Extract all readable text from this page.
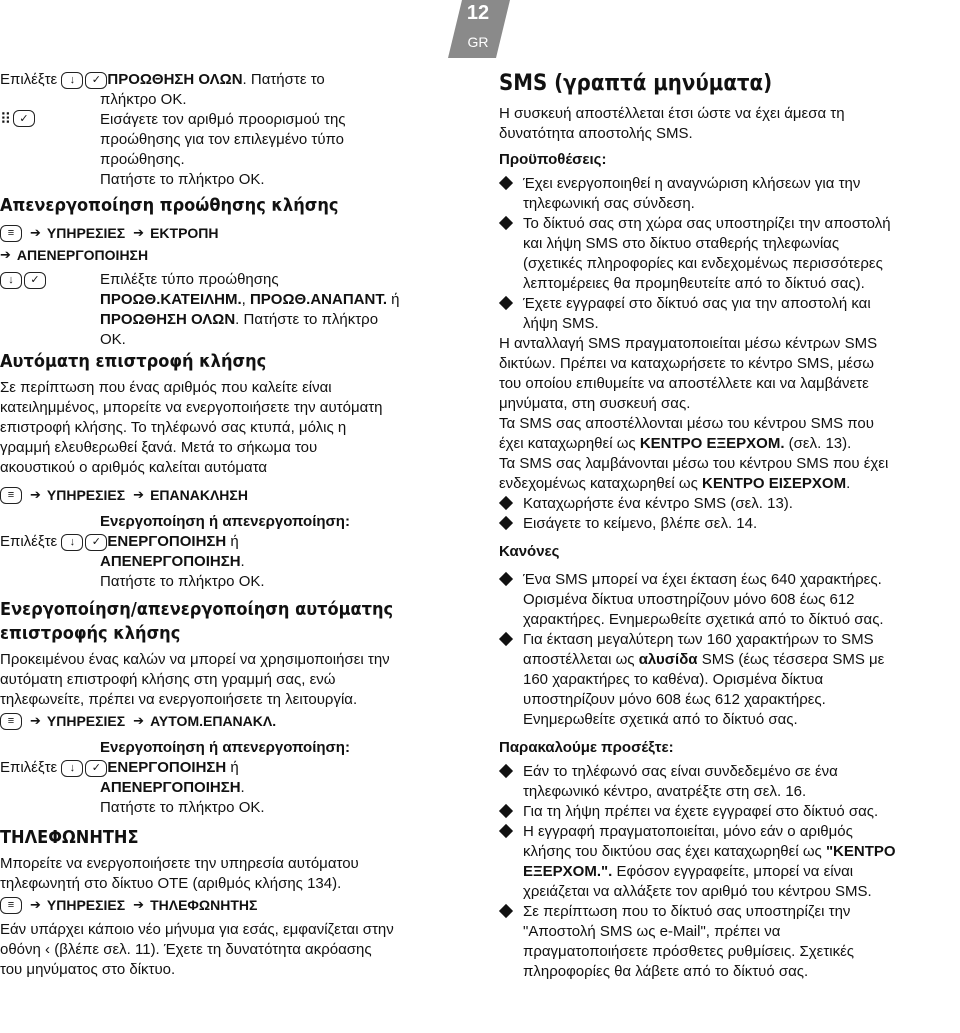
12
GR

Επιλέξτε	↓	✓ ΠΡΟΩΘΗΣΗ ΟΛΩΝ. Πατήστε το

πλήκτρο OK.
⠿ ✓	Εισάγετε τον αριθμό προορισμού της
προώθησης για τον επιλεγμένο τύπο
προώθησης.
Πατήστε το πλήκτρο OK.
Απενεργοποίηση προώθησης κλήσης
≡	➔ ΥΠΗΡΕΣΙΕΣ ➔ ΕΚΤΡΟΠΗ
➔ ΑΠΕΝΕΡΓΟΠΟΙΗΣΗ
↓	✓	Επιλέξτε τύπο προώθησης
ΠΡΟΩΘ.ΚΑΤΕΙΛΗΜ., ΠΡΟΩΘ.ΑΝΑΠΑΝΤ. ή
ΠΡΟΩΘΗΣΗ ΟΛΩΝ. Πατήστε το πλήκτρο
OK.
Αυτόματη επιστροφή κλήσης

Σε περίπτωση που ένας αριθμός που καλείτε είναι
κατειλημμένος, μπορείτε να ενεργοποιήσετε την αυτόματη
επιστροφή κλήσης. Το τηλέφωνό σας κτυπά, μόλις η
γραμμή ελευθερωθεί ξανά. Μετά το σήκωμα του
ακουστικού ο αριθμός καλείται αυτόματα

≡	➔ ΥΠΗΡΕΣΙΕΣ ➔ ΕΠΑΝΑΚΛΗΣΗ
Ενεργοποίηση ή απενεργοποίηση:

Επιλέξτε	↓	✓ ΕΝΕΡΓΟΠΟΙΗΣΗ ή

ΑΠΕΝΕΡΓΟΠΟΙΗΣΗ.
Πατήστε το πλήκτρο OK.
Ενεργοποίηση/απενεργοποίηση αυτόματης
επιστροφής κλήσης

Προκειμένου ένας καλών να μπορεί να χρησιμοποιήσει την
αυτόματη επιστροφή κλήσης στη γραμμή σας, ενώ
τηλεφωνείτε, πρέπει να ενεργοποιήσετε τη λειτουργία.

≡	➔ ΥΠΗΡΕΣΙΕΣ ➔ ΑΥΤΟΜ.ΕΠΑΝΑΚΛ.
Ενεργοποίηση ή απενεργοποίηση:

Επιλέξτε	↓	✓ ΕΝΕΡΓΟΠΟΙΗΣΗ ή

ΑΠΕΝΕΡΓΟΠΟΙΗΣΗ.
Πατήστε το πλήκτρο OK.
ΤΗΛΕΦΩΝΗΤΗΣ

Μπορείτε να ενεργοποιήσετε την υπηρεσία αυτόματου
τηλεφωνητή στο δίκτυο ΟΤΕ (αριθμός κλήσης 134).

≡	➔ ΥΠΗΡΕΣΙΕΣ ➔ ΤΗΛΕΦΩΝΗΤΗΣ

Εάν υπάρχει κάποιο νέο μήνυμα για εσάς, εμφανίζεται στην
οθόνη ‹ (βλέπε σελ. 11). Έχετε τη δυνατότητα ακρόασης
του μηνύματος στο δίκτυο.

SMS (γραπτά μηνύματα)

Η συσκευή αποστέλλεται έτσι ώστε να έχει άμεσα τη
δυνατότητα αποστολής SMS.

Προϋποθέσεις:
Έχει ενεργοποιηθεί η αναγνώριση κλήσεων για την
τηλεφωνική σας σύνδεση.
Το δίκτυό σας στη χώρα σας υποστηρίζει την αποστολή
και λήψη SMS στο δίκτυο σταθερής τηλεφωνίας
(σχετικές πληροφορίες και ενδεχομένως περισσότερες
λεπτομέρειες θα προμηθευτείτε από το δίκτυό σας).
Έχετε εγγραφεί στο δίκτυό σας για την αποστολή και
λήψη SMS.

Η ανταλλαγή SMS πραγματοποιείται μέσω κέντρων SMS
δικτύων. Πρέπει να καταχωρήσετε το κέντρο SMS, μέσω
του οποίου επιθυμείτε να αποστέλλετε και να λαμβάνετε
μηνύματα, στη συσκευή σας.

Τα SMS σας αποστέλλονται μέσω του κέντρου SMS που
έχει καταχωρηθεί ως ΚΕΝΤΡΟ ΕΞΕΡΧΟΜ. (σελ. 13).

Τα SMS σας λαμβάνονται μέσω του κέντρου SMS που έχει
ενδεχομένως καταχωρηθεί ως ΚΕΝΤΡΟ ΕΙΣΕΡΧΟΜ.

Καταχωρήστε ένα κέντρο SMS (σελ. 13).
Εισάγετε το κείμενο, βλέπε σελ. 14.
Κανόνες
Ένα SMS μπορεί να έχει έκταση έως 640 χαρακτήρες.
Ορισμένα δίκτυα υποστηρίζουν μόνο 608 έως 612
χαρακτήρες. Ενημερωθείτε σχετικά από το δίκτυό σας.
Για έκταση μεγαλύτερη των 160 χαρακτήρων το SMS
αποστέλλεται ως αλυσίδα SMS (έως τέσσερα SMS με
160 χαρακτήρες το καθένα). Ορισμένα δίκτυα
υποστηρίζουν μόνο 608 έως 612 χαρακτήρες.
Ενημερωθείτε σχετικά από το δίκτυό σας.
Παρακαλούμε προσέξτε:
Εάν το τηλέφωνό σας είναι συνδεδεμένο σε ένα
τηλεφωνικό κέντρο, ανατρέξτε στη σελ. 16.
Για τη λήψη πρέπει να έχετε εγγραφεί στο δίκτυό σας.
Η εγγραφή πραγματοποιείται, μόνο εάν ο αριθμός
κλήσης του δικτύου σας έχει καταχωρηθεί ως "ΚΕΝΤΡΟ
ΕΞΕΡΧΟΜ.". Εφόσον εγγραφείτε, μπορεί να είναι
χρειάζεται να αλλάξετε τον αριθμό του κέντρου SMS.
Σε περίπτωση που το δίκτυό σας υποστηρίζει την
"Αποστολή SMS ως e-Mail", πρέπει να
πραγματοποιήσετε πρόσθετες ρυθμίσεις. Σχετικές
πληροφορίες θα λάβετε από το δίκτυό σας.
